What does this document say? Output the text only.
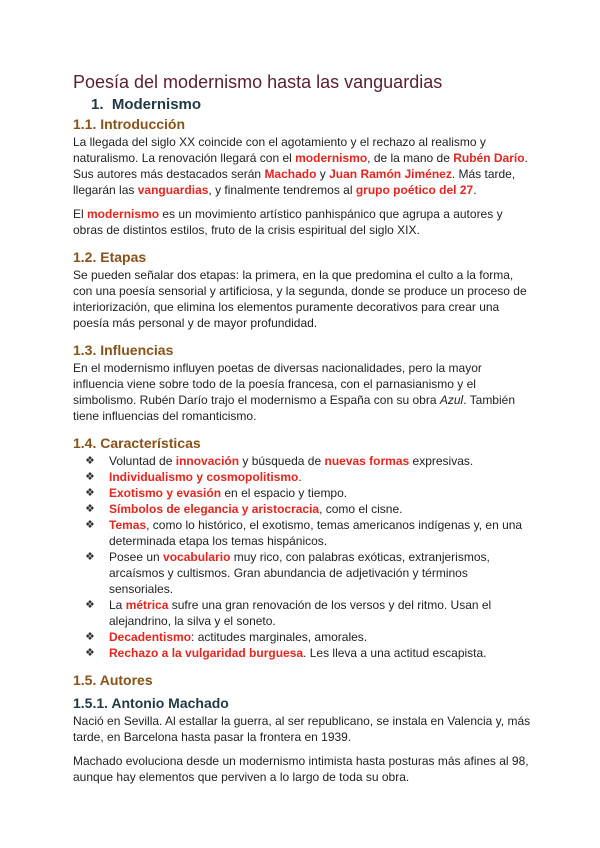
Poesía del modernismo hasta las vanguardias
1. Modernismo
1.1. Introducción

La llegada del siglo XX coincide con el agotamiento y el rechazo al realismo y naturalismo. La renovación llegará con el modernismo, de la mano de Rubén Darío. Sus autores más destacados serán Machado y Juan Ramón Jiménez. Más tarde, llegarán las vanguardias, y finalmente tendremos al grupo poético del 27.

El modernismo es un movimiento artístico panhispánico que agrupa a autores y obras de distintos estilos, fruto de la crisis espiritual del siglo XIX.

1.2. Etapas

Se pueden señalar dos etapas: la primera, en la que predomina el culto a la forma, con una poesía sensorial y artificiosa, y la segunda, donde se produce un proceso de interiorización, que elimina los elementos puramente decorativos para crear una poesía más personal y de mayor profundidad.

1.3. Influencias

En el modernismo influyen poetas de diversas nacionalidades, pero la mayor influencia viene sobre todo de la poesía francesa, con el parnasianismo y el simbolismo. Rubén Darío trajo el modernismo a España con su obra Azul. También tiene influencias del romanticismo.

1.4. Características
❖ Voluntad de innovación y búsqueda de nuevas formas expresivas.
❖ Individualismo y cosmopolitismo.
❖ Exotismo y evasión en el espacio y tiempo.
❖ Símbolos de elegancia y aristocracia, como el cisne.
❖ Temas, como lo histórico, el exotismo, temas americanos indígenas y, en una determinada etapa los temas hispánicos.
❖ Posee un vocabulario muy rico, con palabras exóticas, extranjerismos, arcaísmos y cultismos. Gran abundancia de adjetivación y términos sensoriales.
❖ La métrica sufre una gran renovación de los versos y del ritmo. Usan el alejandrino, la silva y el soneto.
❖ Decadentismo: actitudes marginales, amorales.
❖ Rechazo a la vulgaridad burguesa. Les lleva a una actitud escapista.
1.5. Autores
1.5.1. Antonio Machado

Nació en Sevilla. Al estallar la guerra, al ser republicano, se instala en Valencia y, más tarde, en Barcelona hasta pasar la frontera en 1939.

Machado evoluciona desde un modernismo intimista hasta posturas más afines al 98, aunque hay elementos que perviven a lo largo de toda su obra.
